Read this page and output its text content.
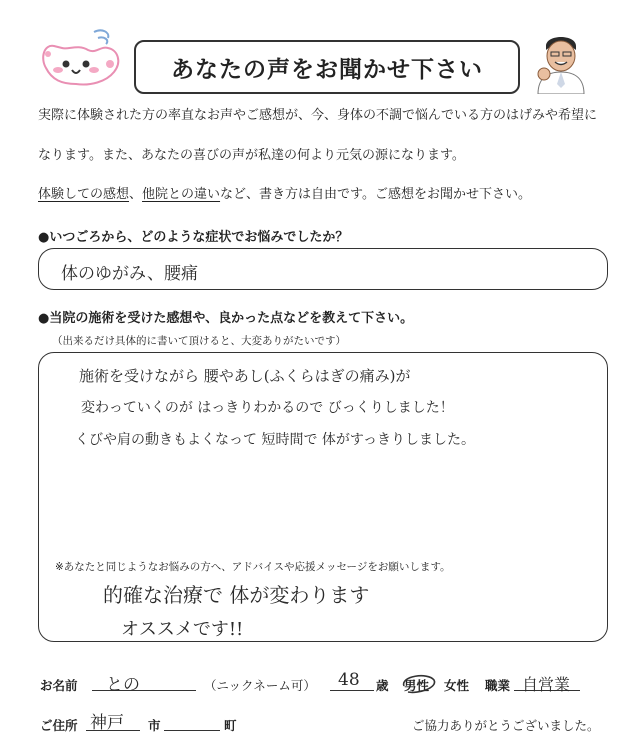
あなたの声をお聞かせ下さい
実際に体験された方の率直なお声やご感想が、今、身体の不調で悩んでいる方のはげみや希望に
なります。また、あなたの喜びの声が私達の何より元気の源になります。
体験しての感想、他院との違いなど、書き方は自由です。ご感想をお聞かせ下さい。
●いつごろから、どのような症状でお悩みでしたか？
体のゆがみ、腰痛
●当院の施術を受けた感想や、良かった点などを教えて下さい。
（出来るだけ具体的に書いて頂けると、大変ありがたいです）
施術を受けながら 腰やあし(ふくらはぎの痛み)が
変わっていくのが はっきりわかるので びっくりしました！
くびや肩の動きもよくなって 短時間で 体がすっきりしました。
※あなたと同じようなお悩みの方へ、アドバイスや応援メッセージをお願いします。
的確な治療で 体が変わります
オススメです!!
お名前 との	（ニックネーム可） 48 歳 男性 女性 職業 自営業
ご住所 神戸 市	町	ご協力ありがとうございました。
